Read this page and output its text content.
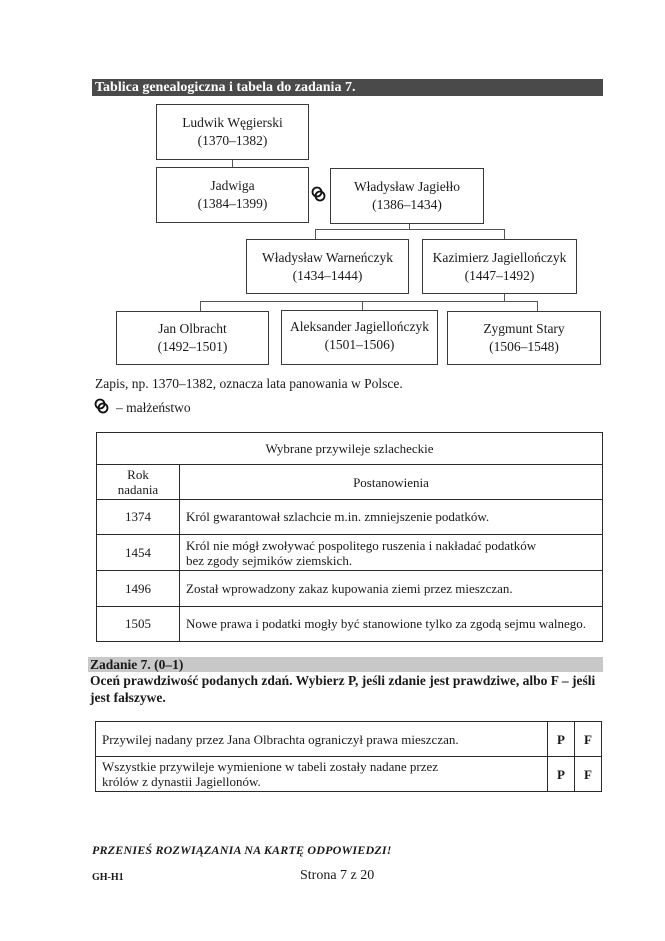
Tablica genealogiczna i tabela do zadania 7.
Ludwik Węgierski
(1370–1382)
Jadwiga
(1384–1399)
Władysław Jagiełło
(1386–1434)
Władysław Warneńczyk
(1434–1444)
Kazimierz Jagiellończyk
(1447–1492)
Jan Olbracht
(1492–1501)
Aleksander Jagiellończyk
(1501–1506)
Zygmunt Stary
(1506–1548)
Zapis, np. 1370–1382, oznacza lata panowania w Polsce.
– małżeństwo
Wybrane przywileje szlacheckie	
Rok
nadania	Postanowienia
1374	Król gwarantował szlachcie m.in. zmniejszenie podatków.
1454	Król nie mógł zwoływać pospolitego ruszenia i nakładać podatków bez zgody sejmików ziemskich.
1496	Został wprowadzony zakaz kupowania ziemi przez mieszczan.
1505	Nowe prawa i podatki mogły być stanowione tylko za zgodą sejmu walnego.
Zadanie 7. (0–1)
Oceń prawdziwość podanych zdań. Wybierz P, jeśli zdanie jest prawdziwe, albo F – jeśli jest fałszywe.
Przywilej nadany przez Jana Olbrachta ograniczył prawa mieszczan.	P	F
Wszystkie przywileje wymienione w tabeli zostały nadane przez królów z dynastii Jagiellonów.	P	F
PRZENIEŚ ROZWIĄZANIA NA KARTĘ ODPOWIEDZI!
GH-H1	Strona 7 z 20
